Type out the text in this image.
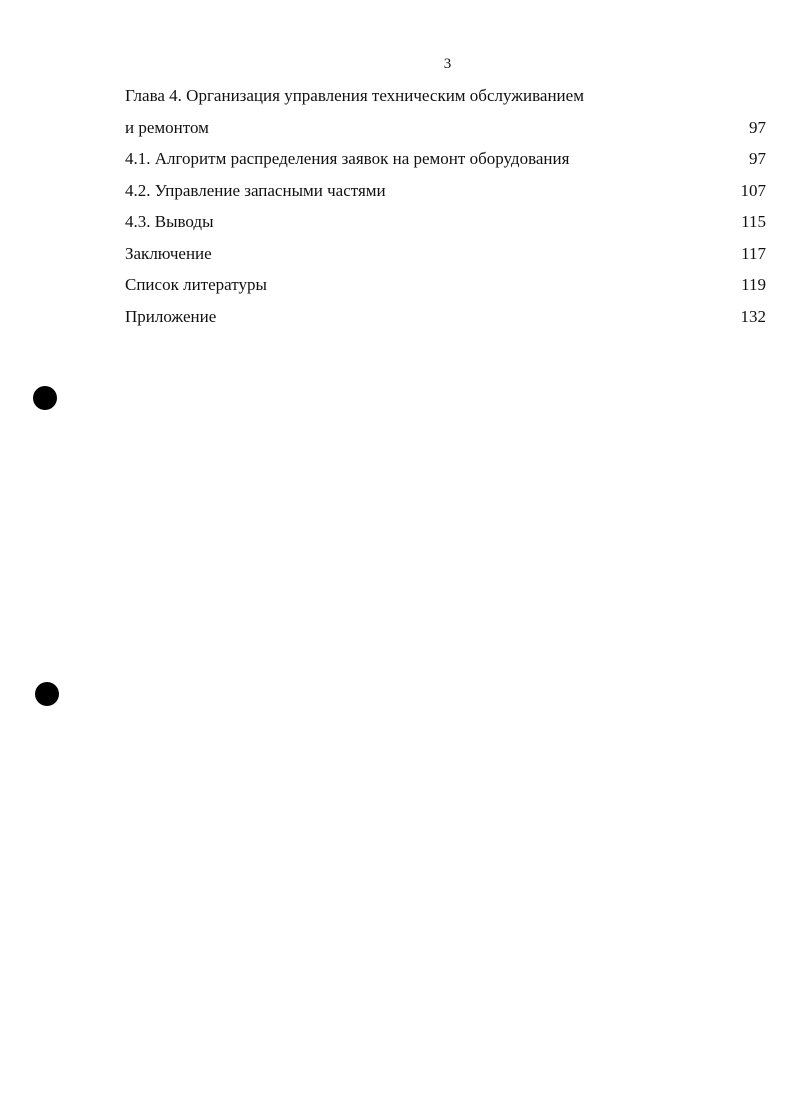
3
Глава 4. Организация управления техническим обслуживанием
и ремонтом	97
4.1. Алгоритм распределения заявок на ремонт оборудования	97
4.2. Управление запасными частями	107
4.3. Выводы	115
Заключение	117
Список литературы	119
Приложение	132
